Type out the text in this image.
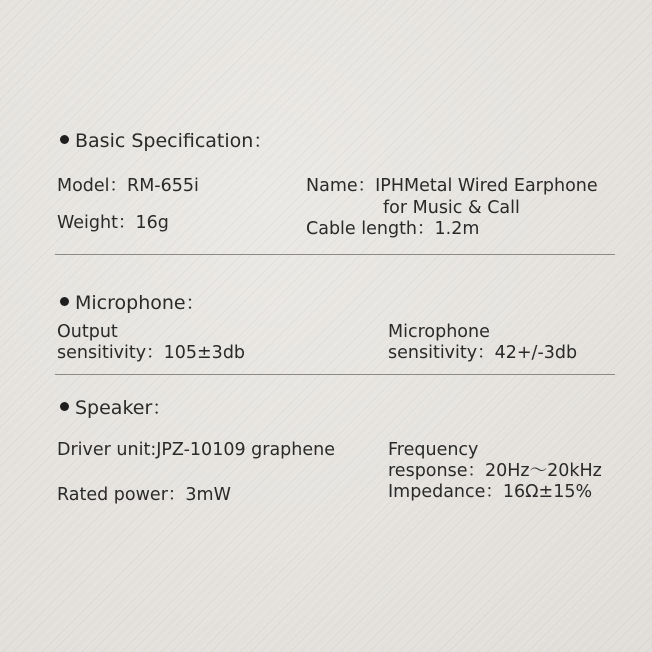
Basic Specification：
Model：RM-655i
Weight：16g
Name：IPHMetal Wired Earphone
for Music & Call
Cable length：1.2m
Microphone：
Output
sensitivity：105±3db
Microphone
sensitivity：42+/-3db
Speaker：
Driver unit:JPZ-10109 graphene
Rated power：3mW
Frequency
response：20Hz～20kHz
Impedance：16Ω±15%
